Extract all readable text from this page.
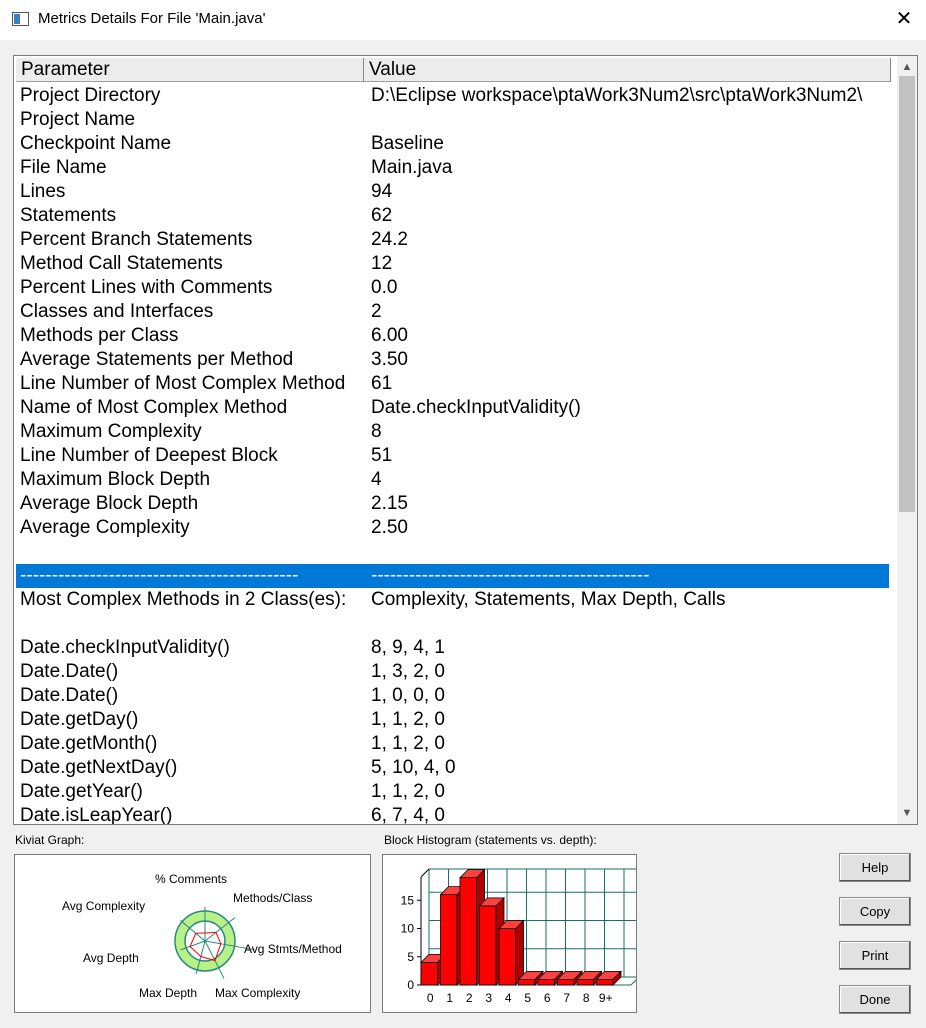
Metrics Details For File 'Main.java'	✕
Parameter	Value
Project Directory	D:\Eclipse workspace\ptaWork3Num2\src\ptaWork3Num2\
Project Name
Checkpoint Name	Baseline
File Name	Main.java
Lines	94
Statements	62
Percent Branch Statements	24.2
Method Call Statements	12
Percent Lines with Comments	0.0
Classes and Interfaces	2
Methods per Class	6.00
Average Statements per Method	3.50
Line Number of Most Complex Method 61
Name of Most Complex Method	Date.checkInputValidity()
Maximum Complexity	8
Line Number of Deepest Block	51
Maximum Block Depth	4
Average Block Depth	2.15
Average Complexity	2.50
--------------------------------------------	--------------------------------------------
Most Complex Methods in 2 Class(es): Complexity, Statements, Max Depth, Calls
Date.checkInputValidity()	8, 9, 4, 1
Date.Date()	1, 3, 2, 0
Date.Date()	1, 0, 0, 0
Date.getDay()	1, 1, 2, 0
Date.getMonth()	1, 1, 2, 0
Date.getNextDay()	5, 10, 4, 0
Date.getYear()	1, 1, 2, 0
Date.isLeapYear()	6, 7, 4, 0
▲
▼
Kiviat Graph:	Block Histogram (statements vs. depth):
% Comments
Methods/Class
Avg Stmts/Method
Max Complexity
Max Depth
Avg Depth
Avg Complexity
0
5
10
15
0 1 2 3 4 5 6 7 8 9+
Help
Copy
Print
Done
